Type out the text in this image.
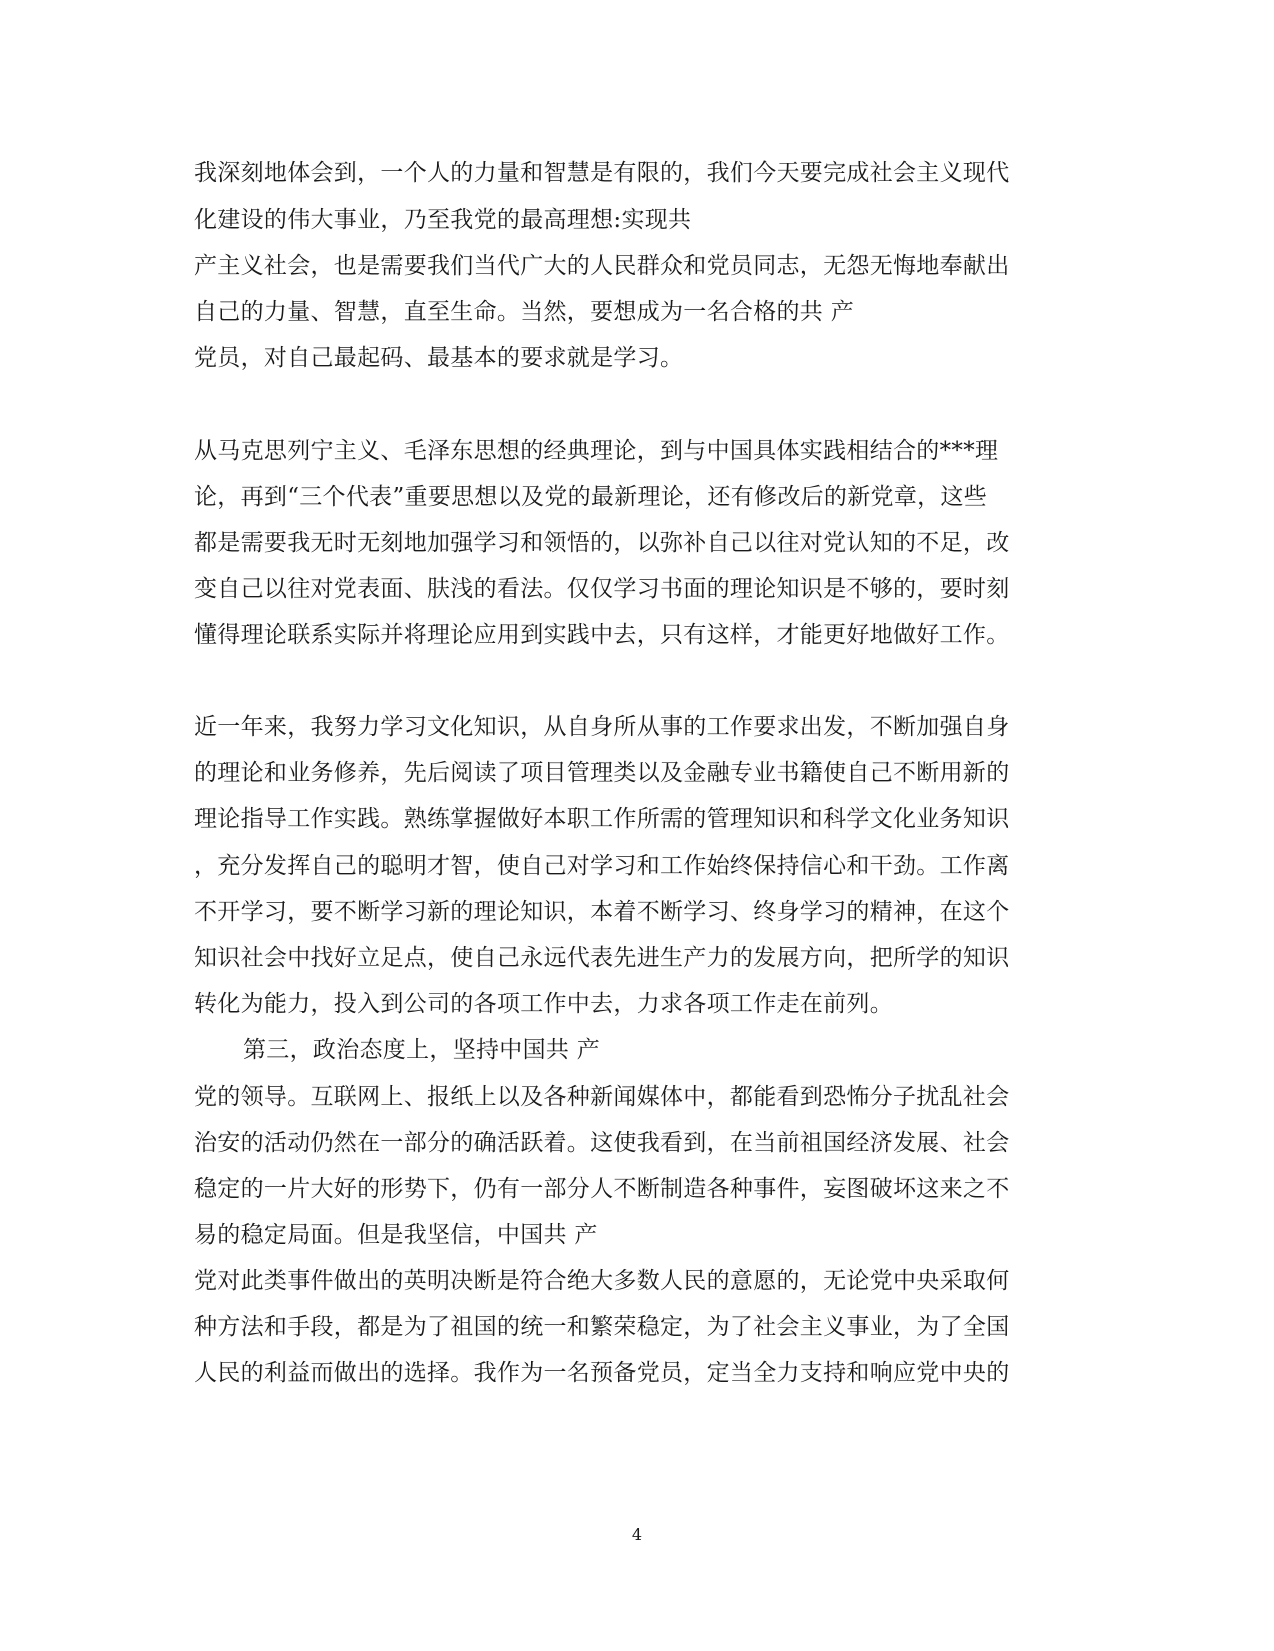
我深刻地体会到，一个人的力量和智慧是有限的，我们今天要完成社会主义现代
化建设的伟大事业，乃至我党的最高理想:实现共
产主义社会，也是需要我们当代广大的人民群众和党员同志，无怨无悔地奉献出
自己的力量、智慧，直至生命。当然，要想成为一名合格的共 产
党员，对自己最起码、最基本的要求就是学习。
从马克思列宁主义、毛泽东思想的经典理论，到与中国具体实践相结合的***理
论，再到“三个代表”重要思想以及党的最新理论，还有修改后的新党章，这些
都是需要我无时无刻地加强学习和领悟的，以弥补自己以往对党认知的不足，改
变自己以往对党表面、肤浅的看法。仅仅学习书面的理论知识是不够的，要时刻
懂得理论联系实际并将理论应用到实践中去，只有这样，才能更好地做好工作。
近一年来，我努力学习文化知识，从自身所从事的工作要求出发，不断加强自身
的理论和业务修养，先后阅读了项目管理类以及金融专业书籍使自己不断用新的
理论指导工作实践。熟练掌握做好本职工作所需的管理知识和科学文化业务知识
，充分发挥自己的聪明才智，使自己对学习和工作始终保持信心和干劲。工作离
不开学习，要不断学习新的理论知识，本着不断学习、终身学习的精神，在这个
知识社会中找好立足点，使自己永远代表先进生产力的发展方向，把所学的知识
转化为能力，投入到公司的各项工作中去，力求各项工作走在前列。
第三，政治态度上，坚持中国共 产
党的领导。互联网上、报纸上以及各种新闻媒体中，都能看到恐怖分子扰乱社会
治安的活动仍然在一部分的确活跃着。这使我看到，在当前祖国经济发展、社会
稳定的一片大好的形势下，仍有一部分人不断制造各种事件，妄图破坏这来之不
易的稳定局面。但是我坚信，中国共 产
党对此类事件做出的英明决断是符合绝大多数人民的意愿的，无论党中央采取何
种方法和手段，都是为了祖国的统一和繁荣稳定，为了社会主义事业，为了全国
人民的利益而做出的选择。我作为一名预备党员，定当全力支持和响应党中央的
4
